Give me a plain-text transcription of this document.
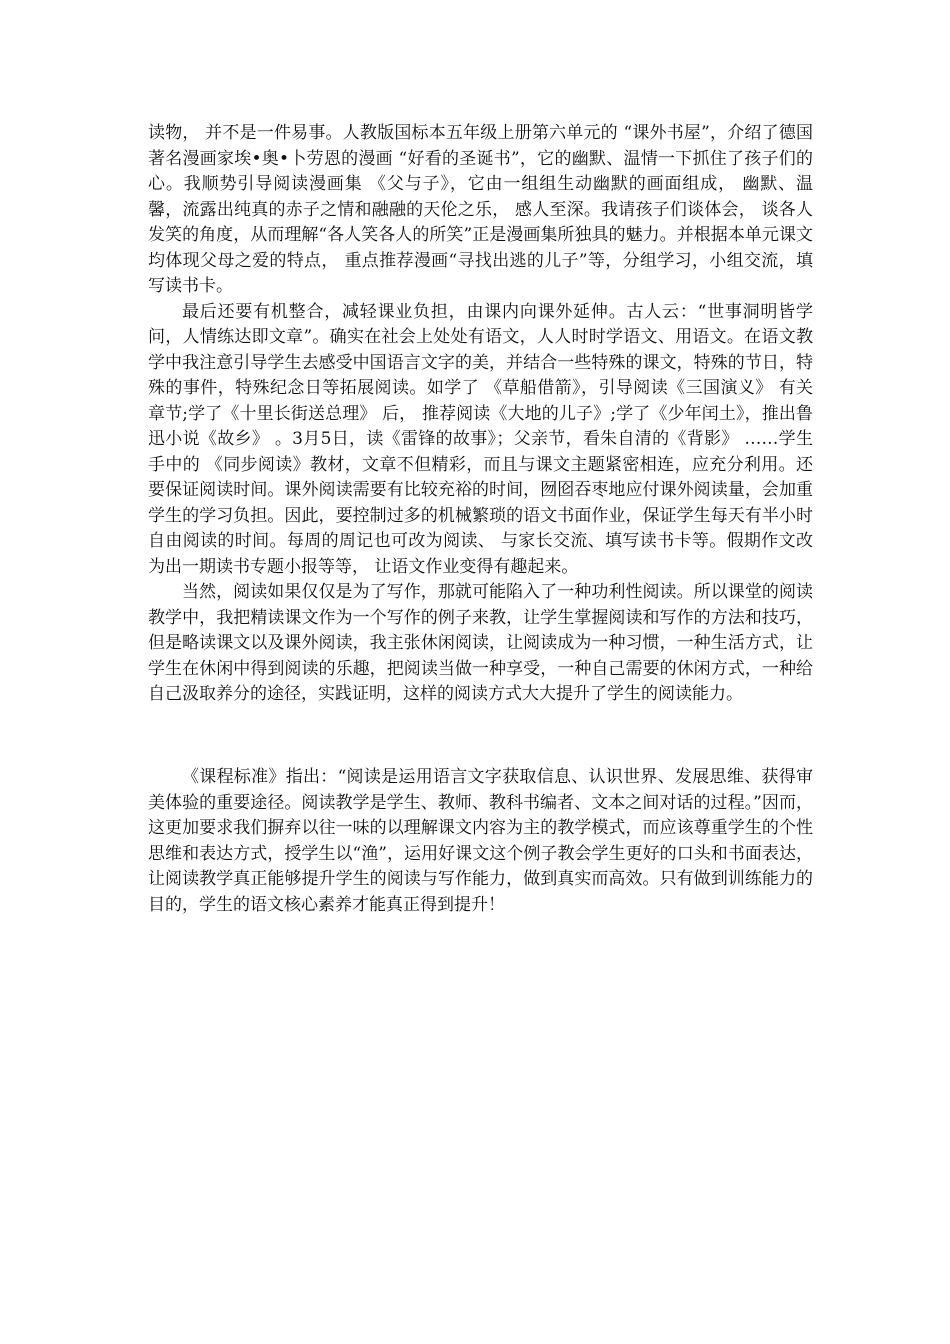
读物， 并不是一件易事。人教版国标本五年级上册第六单元的 “课外书屋”，介绍了德国著名漫画家埃•奥•卜劳恩的漫画 “好看的圣诞书”，它的幽默、温情一下抓住了孩子们的心。我顺势引导阅读漫画集 《父与子》，它由一组组生动幽默的画面组成， 幽默、温馨，流露出纯真的赤子之情和融融的天伦之乐， 感人至深。我请孩子们谈体会， 谈各人发笑的角度，从而理解“各人笑各人的所笑”正是漫画集所独具的魅力。并根据本单元课文均体现父母之爱的特点， 重点推荐漫画“寻找出逃的儿子”等，分组学习，小组交流，填写读书卡。

最后还要有机整合，减轻课业负担，由课内向课外延伸。古人云：“世事洞明皆学问，人情练达即文章”。确实在社会上处处有语文，人人时时学语文、用语文。在语文教学中我注意引导学生去感受中国语言文字的美，并结合一些特殊的课文，特殊的节日，特殊的事件，特殊纪念日等拓展阅读。如学了 《草船借箭》，引导阅读《三国演义》 有关章节;学了《十里长街送总理》 后， 推荐阅读《大地的儿子》;学了《少年闰土》，推出鲁迅小说《故乡》 。3月5日，读《雷锋的故事》；父亲节，看朱自清的《背影》 ……学生手中的 《同步阅读》教材，文章不但精彩，而且与课文主题紧密相连，应充分利用。还要保证阅读时间。课外阅读需要有比较充裕的时间，囫囵吞枣地应付课外阅读量，会加重学生的学习负担。因此，要控制过多的机械繁琐的语文书面作业，保证学生每天有半小时自由阅读的时间。每周的周记也可改为阅读、 与家长交流、填写读书卡等。假期作文改为出一期读书专题小报等等， 让语文作业变得有趣起来。

当然，阅读如果仅仅是为了写作，那就可能陷入了一种功利性阅读。所以课堂的阅读教学中，我把精读课文作为一个写作的例子来教，让学生掌握阅读和写作的方法和技巧，但是略读课文以及课外阅读，我主张休闲阅读，让阅读成为一种习惯，一种生活方式，让学生在休闲中得到阅读的乐趣，把阅读当做一种享受，一种自己需要的休闲方式，一种给自己汲取养分的途径，实践证明，这样的阅读方式大大提升了学生的阅读能力。

《课程标准》指出：“阅读是运用语言文字获取信息、认识世界、发展思维、获得审美体验的重要途径。阅读教学是学生、教师、教科书编者、文本之间对话的过程。”因而，这更加要求我们摒弃以往一味的以理解课文内容为主的教学模式，而应该尊重学生的个性思维和表达方式，授学生以“渔”，运用好课文这个例子教会学生更好的口头和书面表达，让阅读教学真正能够提升学生的阅读与写作能力，做到真实而高效。只有做到训练能力的目的，学生的语文核心素养才能真正得到提升！
